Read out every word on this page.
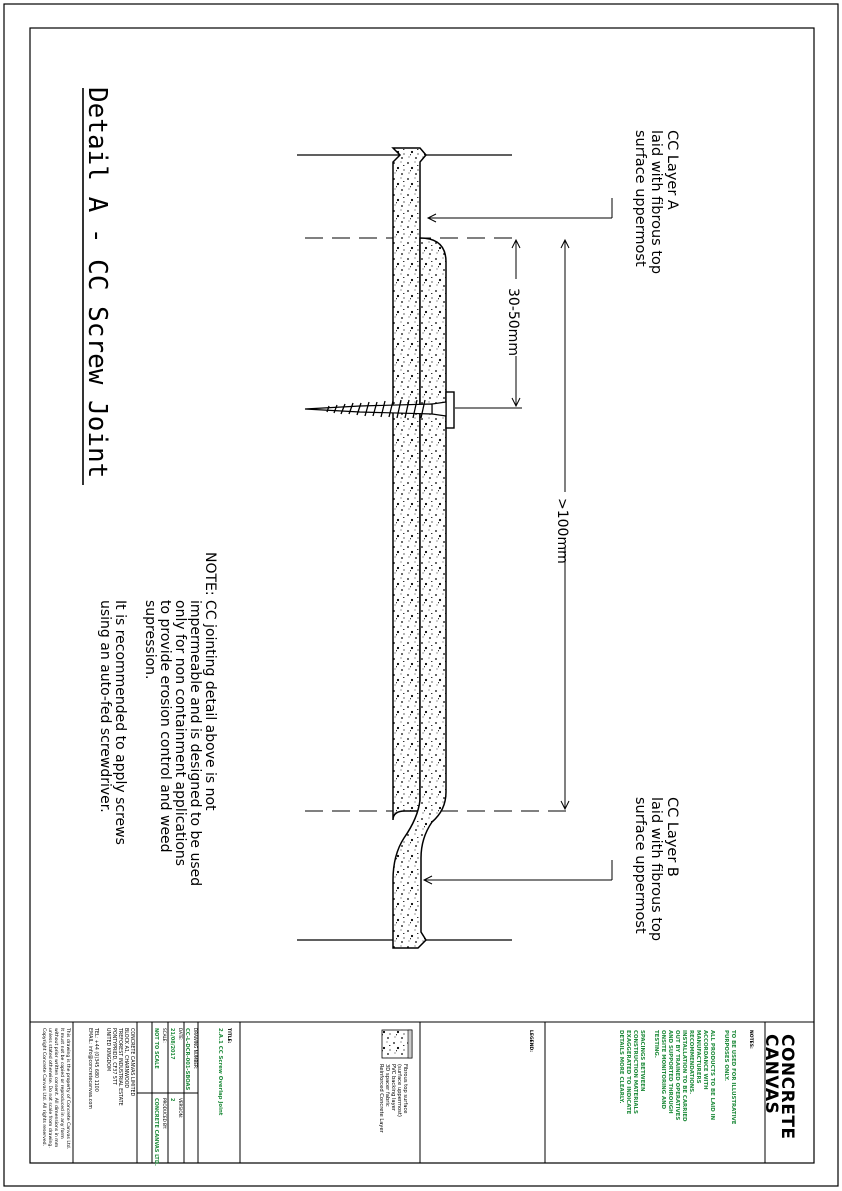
Detail A - CC Screw Joint	30-50mm
>100mm
CC Layer A
laid with fibrous top
surface uppermost
CC Layer B
laid with fibrous top
surface uppermost
NOTE: CC jointing detail above is not
impermeable and is designed to be used
only for non containment applications
to provide erosion control and weed
supression.
It is recommended to apply screws
using an auto-fed screwdriver.
CONCRETE
CANVAS
NOTES:
TO BE USED FOR ILLUSTRATIVE
PURPOSES ONLY.
ALL PRODUCTS TO BE LAID IN
ACCORDANCE WITH
MANUFACTURERS
RECOMMENDATIONS.
INSTALLATION TO BE CARRIED
OUT BY TRAINED OPERATIVES
AND SUPPORTED THROUGH
ONSITE MONITORING AND
TESTING.
SPACINGS BETWEEN
CONSTRUCTION MATERIALS
EXAGGERATED TO INDICATE
DETAILS MORE CLEARLY.
LEGEND:
Fibrous top surface
(surface uppermost)
PVC backing layer
3D spacer fabric
Reinforced Concrete Layer
TITLE:
2.A.1 CC Screw Overlap Joint
DRAWING NUMBER:
CC-L-DCR-001-SBOAS
DATE:
21/08/2017
VERSION:
2
SCALE:
NOT TO SCALE
PRODUCED BY:
CONCRETE CANVAS LTD.
CONCRETE CANVAS LIMITED
BLOCK A1, CHARNWOOD
TREFOREST INDUSTRIAL ESTATE
PONTYPRIDD, CF37 5TT
UNITED KINGDOM
TEL: +44 (0)345 680 1100
EMAIL: info@concretecanvas.com
This drawing is the property of Concrete Canvas Ltd.
It must not be copied or reproduced in any form
without prior written consent. All dimensions in mm
unless stated otherwise. Do not scale from drawing.
Copyright Concrete Canvas Ltd. All rights reserved.
